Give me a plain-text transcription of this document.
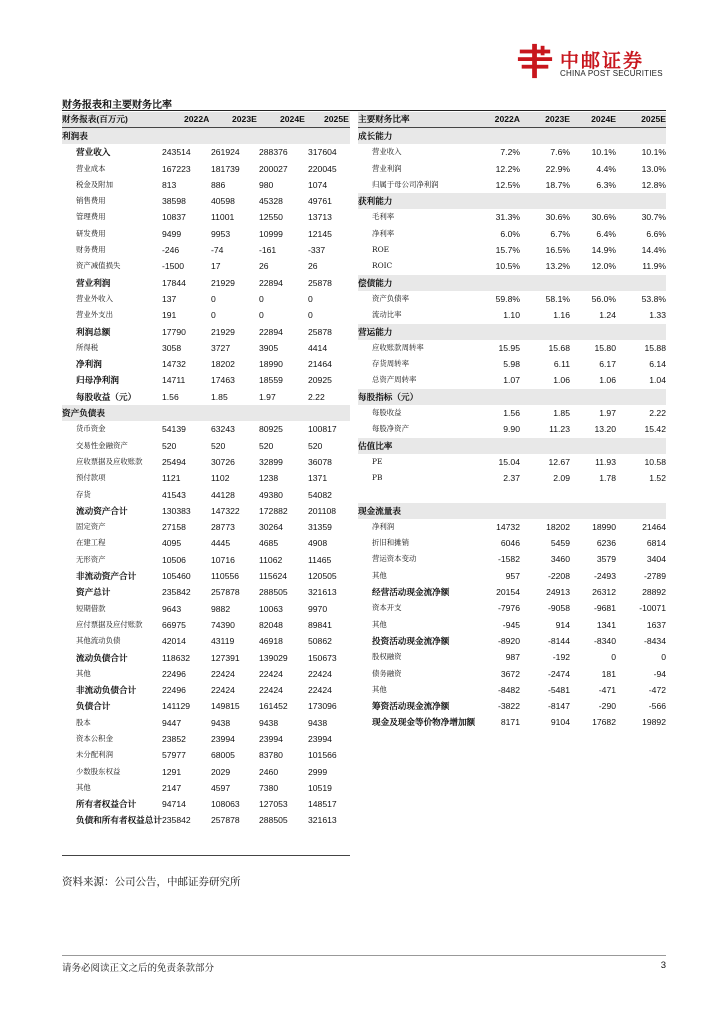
中邮证券
CHINA POST SECURITIES
财务报表和主要财务比率
财务报表(百万元)	2022A	2023E	2024E 2025E
利润表
营业收入	243514 261924 288376 317604
营业成本	167223 181739 200027 220045
税金及附加	813	886	980	1074
销售费用	38598	40598	45328	49761
管理费用	10837	11001	12550	13713
研发费用	9499	9953	10999	12145
财务费用	-246	-74	-161	-337
资产减值损失	-1500	17	26	26
营业利润	17844	21929	22894	25878
营业外收入	137	0	0	0
营业外支出	191	0	0	0
利润总额	17790	21929	22894	25878
所得税	3058	3727	3905	4414
净利润	14732	18202	18990	21464
归母净利润	14711	17463	18559	20925
每股收益（元）	1.56	1.85	1.97	2.22
资产负债表
货币资金	54139	63243	80925	100817
交易性金融资产	520	520	520	520
应收票据及应收账款 25494	30726	32899	36078
预付款项	1121	1102	1238	1371
存货	41543	44128	49380	54082
流动资产合计	130383 147322 172882 201108
固定资产	27158	28773	30264	31359
在建工程	4095	4445	4685	4908
无形资产	10506	10716	11062	11465
非流动资产合计	105460 110556 115624 120505
资产总计	235842 257878 288505 321613
短期借款	9643	9882	10063	9970
应付票据及应付账款 66975	74390	82048	89841
其他流动负债	42014	43119	46918	50862
流动负债合计	118632 127391 139029 150673
其他	22496	22424	22424	22424
非流动负债合计	22496	22424	22424	22424
负债合计	141129 149815 161452 173096
股本	9447	9438	9438	9438
资本公积金	23852	23994	23994	23994
未分配利润	57977	68005	83780	101566
少数股东权益	1291	2029	2460	2999
其他	2147	4597	7380	10519
所有者权益合计	94714	108063 127053 148517
负债和所有者权益总计 235842 257878 288505 321613
主要财务比率	2022A	2023E 2024E	2025E
成长能力
营业收入	7.2%	7.6%	10.1%	10.1%
营业利润	12.2%	22.9%	4.4%	13.0%
归属于母公司净利润	12.5%	18.7%	6.3%	12.8%
获利能力
毛利率	31.3%	30.6%	30.6%	30.7%
净利率	6.0%	6.7%	6.4%	6.6%
ROE	15.7%	16.5%	14.9%	14.4%
ROIC	10.5%	13.2%	12.0%	11.9%
偿债能力
资产负债率	59.8%	58.1%	56.0%	53.8%
流动比率	1.10	1.16	1.24	1.33
营运能力
应收账款周转率	15.95	15.68	15.80	15.88
存货周转率	5.98	6.11	6.17	6.14
总资产周转率	1.07	1.06	1.06	1.04
每股指标（元）
每股收益	1.56	1.85	1.97	2.22
每股净资产	9.90	11.23	13.20	15.42
估值比率
PE	15.04	12.67	11.93	10.58
PB	2.37	2.09	1.78	1.52
现金流量表
净利润	14732	18202	18990	21464
折旧和摊销	6046	5459	6236	6814
营运资本变动	-1582	3460	3579	3404
其他	957	-2208	-2493	-2789
经营活动现金流净额	20154	24913	26312	28892
资本开支	-7976	-9058	-9681	-10071
其他	-945	914	1341	1637
投资活动现金流净额	-8920	-8144	-8340	-8434
股权融资	987	-192	0	0
债务融资	3672	-2474	181	-94
其他	-8482	-5481	-471	-472
筹资活动现金流净额	-3822	-8147	-290	-566
现金及现金等价物净增加额	8171	9104	17682	19892
资料来源：公司公告，中邮证券研究所
请务必阅读正文之后的免责条款部分	3
